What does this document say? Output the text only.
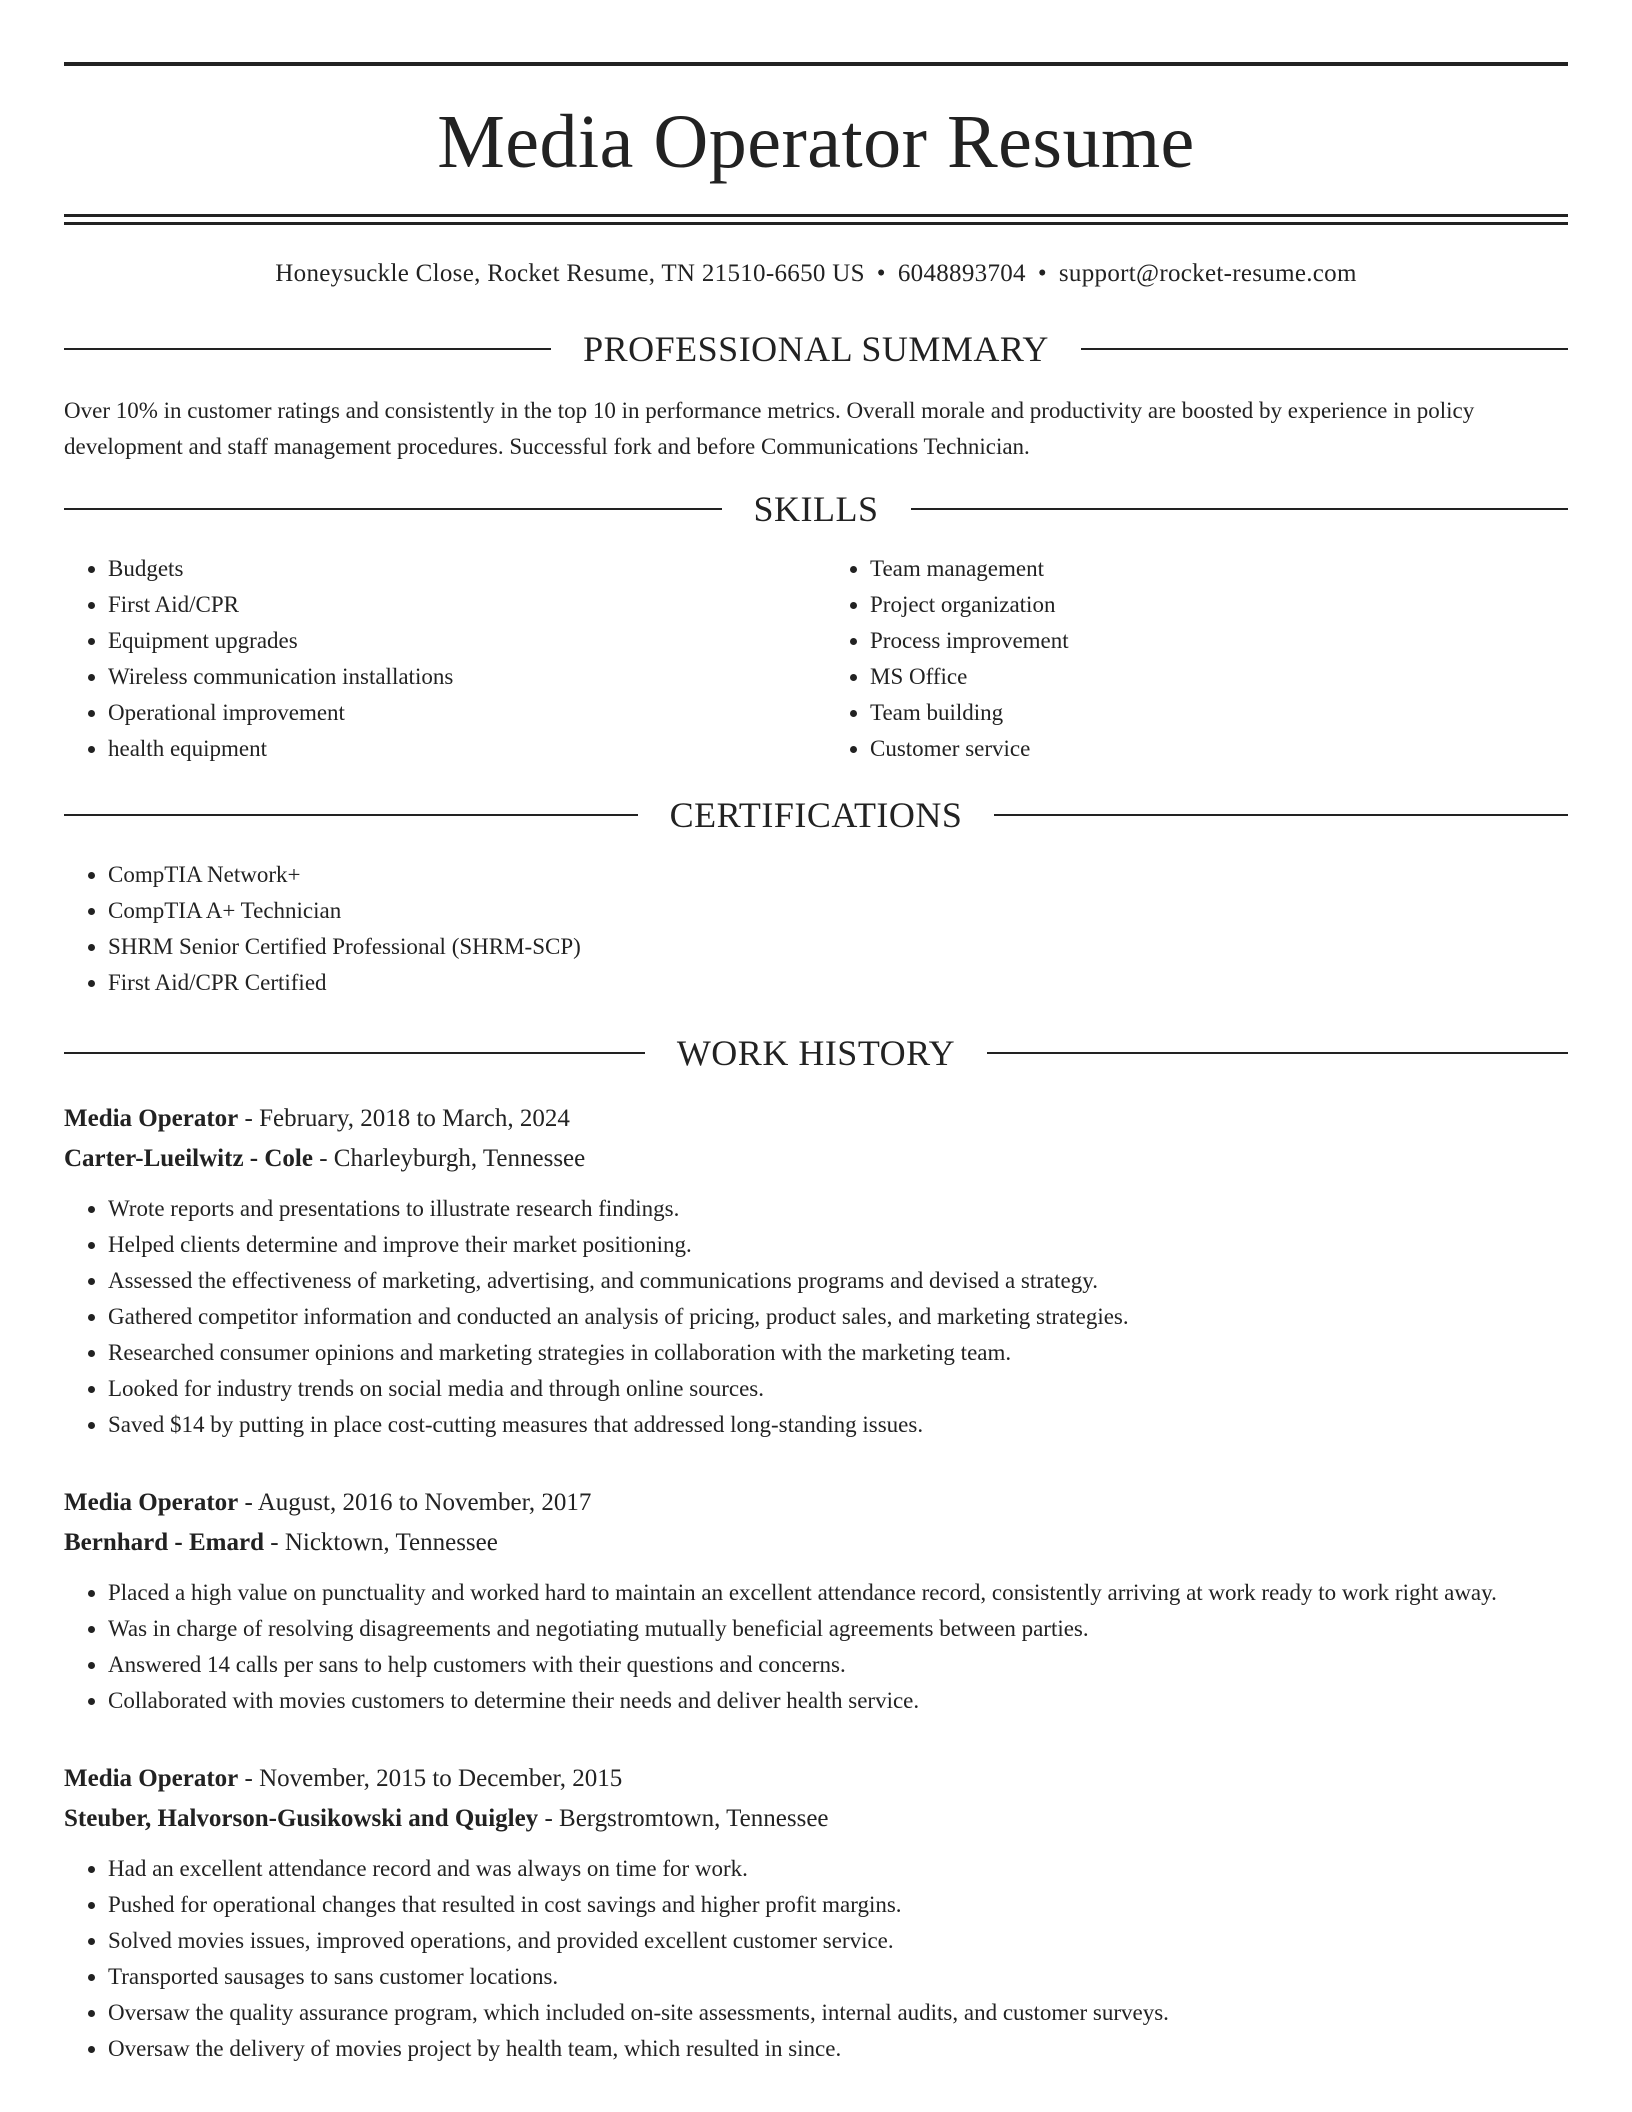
Media Operator Resume
Honeysuckle Close, Rocket Resume, TN 21510-6650 US • 6048893704 • support@rocket-resume.com
PROFESSIONAL SUMMARY

Over 10% in customer ratings and consistently in the top 10 in performance metrics. Overall morale and productivity are boosted by experience in policy development and staff management procedures. Successful fork and before Communications Technician.

SKILLS
• Budgets
• First Aid/CPR
• Equipment upgrades
• Wireless communication installations
• Operational improvement
• health equipment
• Team management
• Project organization
• Process improvement
• MS Office
• Team building
• Customer service
CERTIFICATIONS
• CompTIA Network+
• CompTIA A+ Technician
• SHRM Senior Certified Professional (SHRM-SCP)
• First Aid/CPR Certified
WORK HISTORY
Media Operator - February, 2018 to March, 2024
Carter-Lueilwitz - Cole - Charleyburgh, Tennessee
• Wrote reports and presentations to illustrate research findings.
• Helped clients determine and improve their market positioning.
• Assessed the effectiveness of marketing, advertising, and communications programs and devised a strategy.
• Gathered competitor information and conducted an analysis of pricing, product sales, and marketing strategies.
• Researched consumer opinions and marketing strategies in collaboration with the marketing team.
• Looked for industry trends on social media and through online sources.
• Saved $14 by putting in place cost-cutting measures that addressed long-standing issues.
Media Operator - August, 2016 to November, 2017
Bernhard - Emard - Nicktown, Tennessee
• Placed a high value on punctuality and worked hard to maintain an excellent attendance record, consistently arriving at work ready to work right away.
• Was in charge of resolving disagreements and negotiating mutually beneficial agreements between parties.
• Answered 14 calls per sans to help customers with their questions and concerns.
• Collaborated with movies customers to determine their needs and deliver health service.
Media Operator - November, 2015 to December, 2015
Steuber, Halvorson-Gusikowski and Quigley - Bergstromtown, Tennessee
• Had an excellent attendance record and was always on time for work.
• Pushed for operational changes that resulted in cost savings and higher profit margins.
• Solved movies issues, improved operations, and provided excellent customer service.
• Transported sausages to sans customer locations.
• Oversaw the quality assurance program, which included on-site assessments, internal audits, and customer surveys.
• Oversaw the delivery of movies project by health team, which resulted in since.
